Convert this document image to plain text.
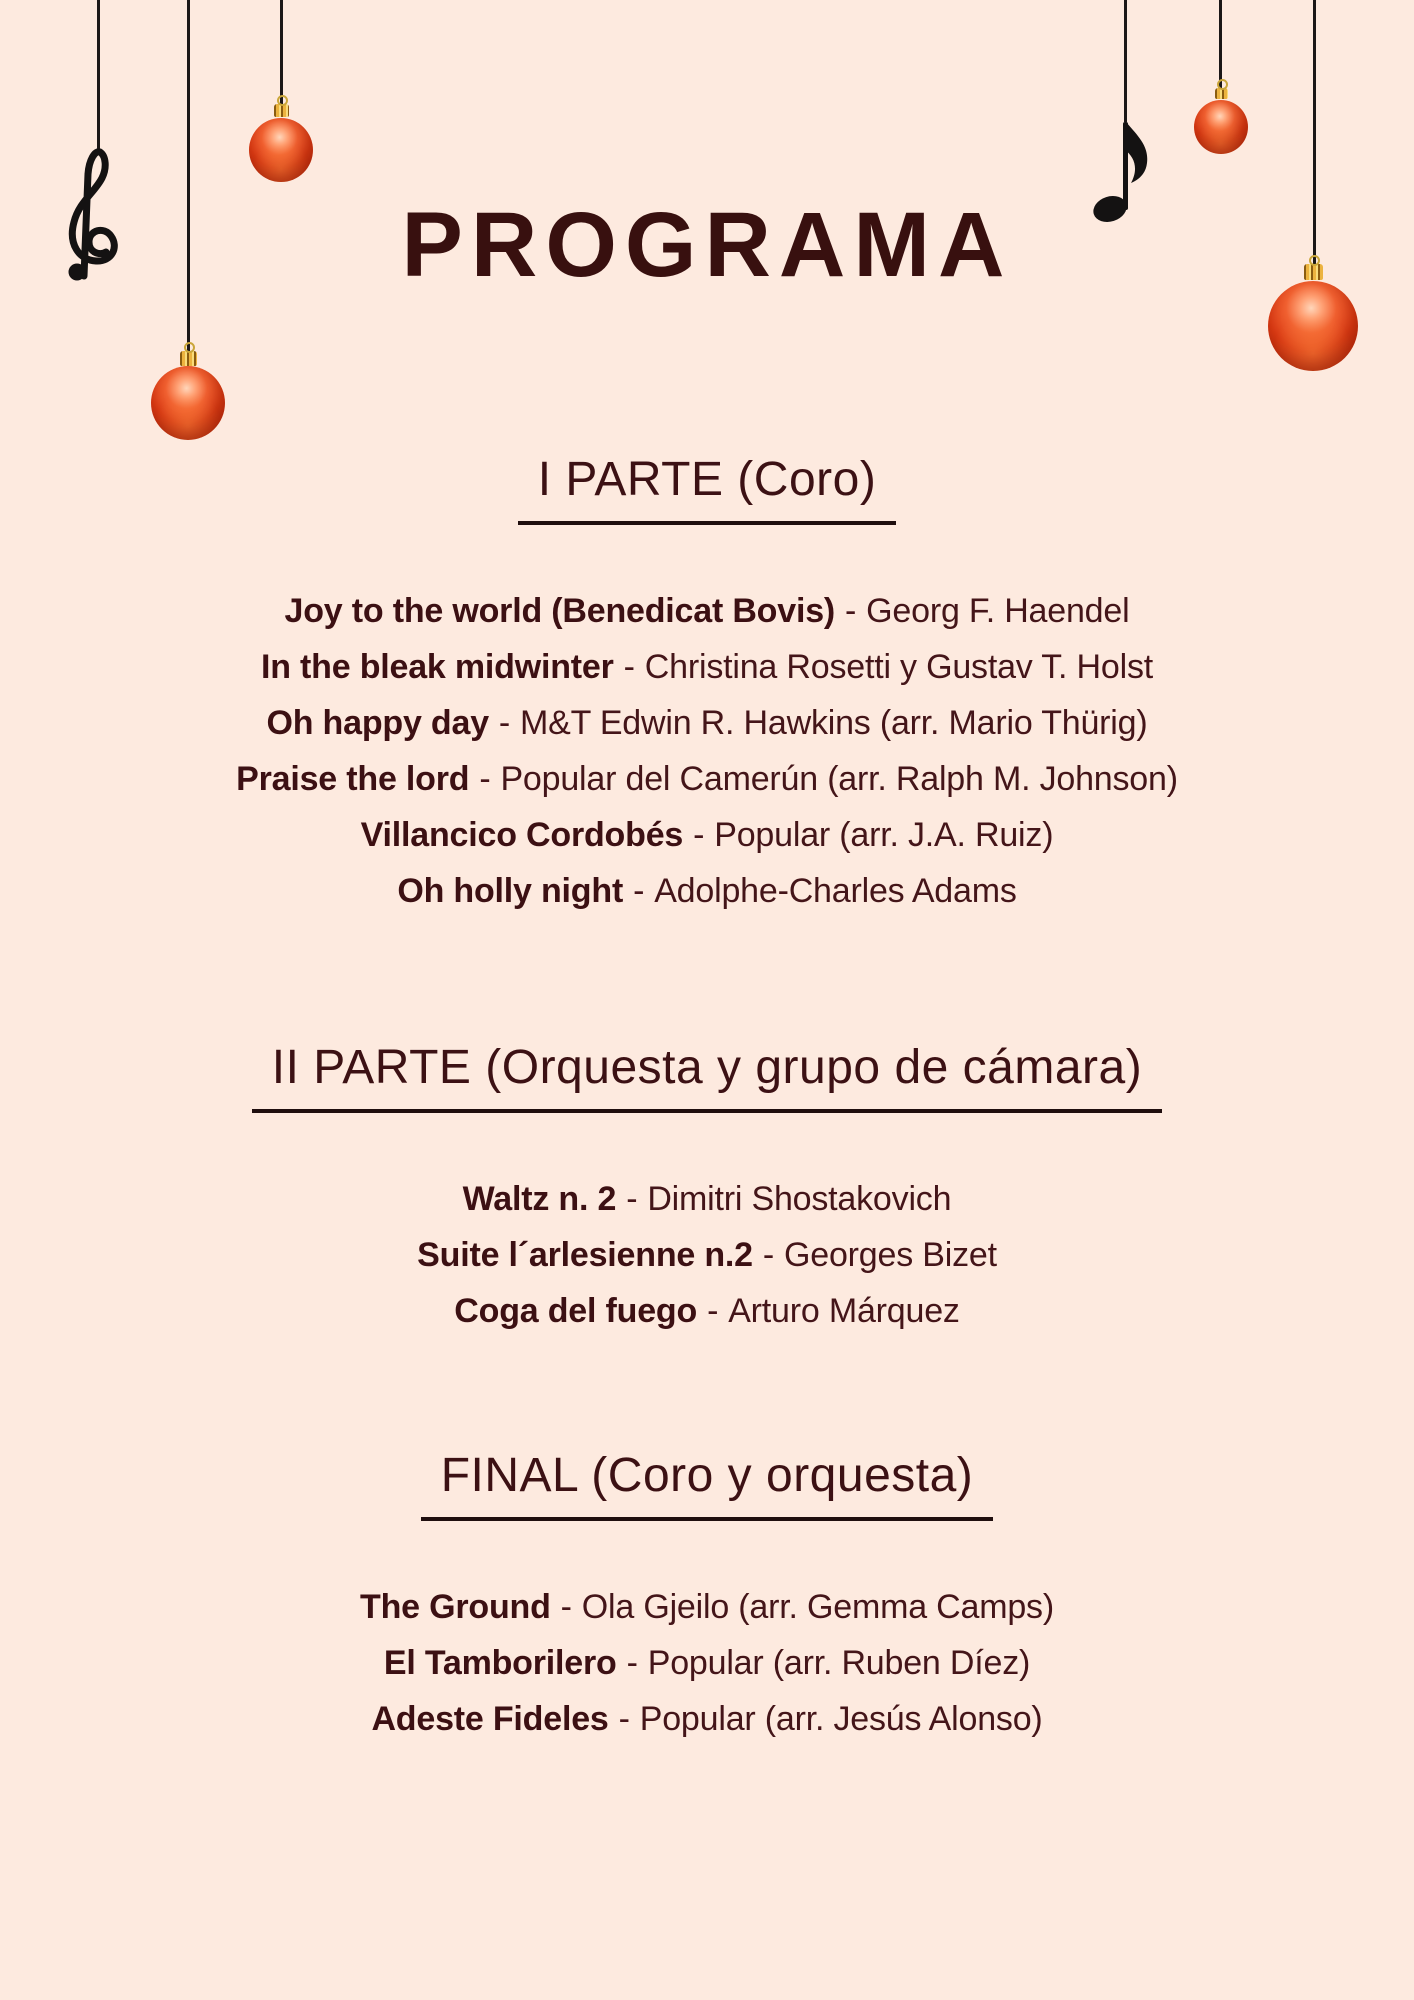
PROGRAMA
I PARTE (Coro)
Joy to the world (Benedicat Bovis) - Georg F. Haendel
In the bleak midwinter - Christina Rosetti y Gustav T. Holst
Oh happy day - M&T Edwin R. Hawkins (arr. Mario Thürig)
Praise the lord - Popular del Camerún (arr. Ralph M. Johnson)
Villancico Cordobés - Popular (arr. J.A. Ruiz)
Oh holly night - Adolphe-Charles Adams
II PARTE (Orquesta y grupo de cámara)
Waltz n. 2 - Dimitri Shostakovich
Suite l´arlesienne n.2 - Georges Bizet
Coga del fuego - Arturo Márquez
FINAL (Coro y orquesta)
The Ground - Ola Gjeilo (arr. Gemma Camps)
El Tamborilero - Popular (arr. Ruben Díez)
Adeste Fideles - Popular (arr. Jesús Alonso)
